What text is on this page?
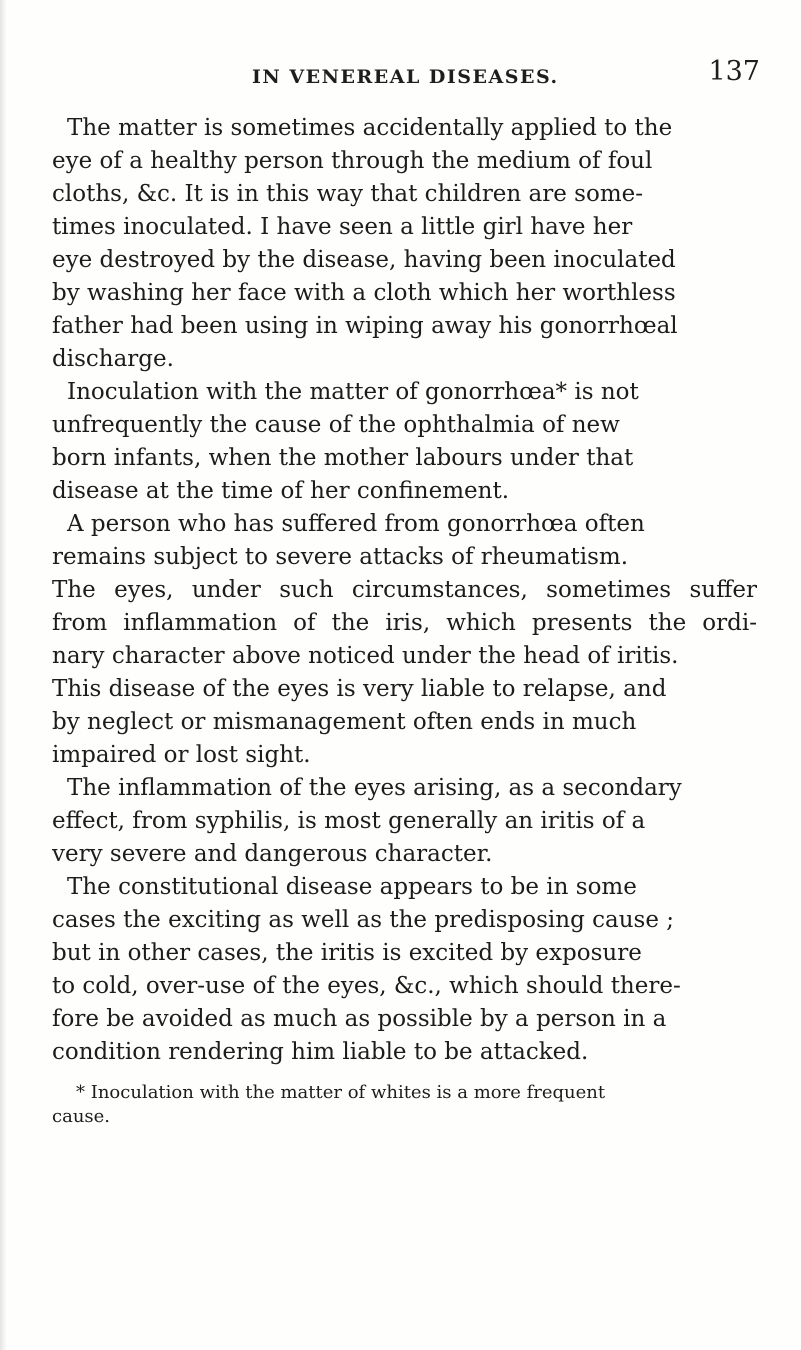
IN VENEREAL DISEASES.	137

The matter is sometimes accidentally applied to the
eye of a healthy person through the medium of foul
cloths, &c. It is in this way that children are some-
times inoculated. I have seen a little girl have her
eye destroyed by the disease, having been inoculated
by washing her face with a cloth which her worthless
father had been using in wiping away his gonorrhœal
discharge.

Inoculation with the matter of gonorrhœa* is not
unfrequently the cause of the ophthalmia of new
born infants, when the mother labours under that
disease at the time of her confinement.

A person who has suffered from gonorrhœa often
remains subject to severe attacks of rheumatism.
The eyes, under such circumstances, sometimes suffer
from inflammation of the iris, which presents the ordi-
nary character above noticed under the head of iritis.
This disease of the eyes is very liable to relapse, and
by neglect or mismanagement often ends in much
impaired or lost sight.

The inflammation of the eyes arising, as a secondary
effect, from syphilis, is most generally an iritis of a
very severe and dangerous character.

The constitutional disease appears to be in some
cases the exciting as well as the predisposing cause ;
but in other cases, the iritis is excited by exposure
to cold, over-use of the eyes, &c., which should there-
fore be avoided as much as possible by a person in a
condition rendering him liable to be attacked.

* Inoculation with the matter of whites is a more frequent
cause.
